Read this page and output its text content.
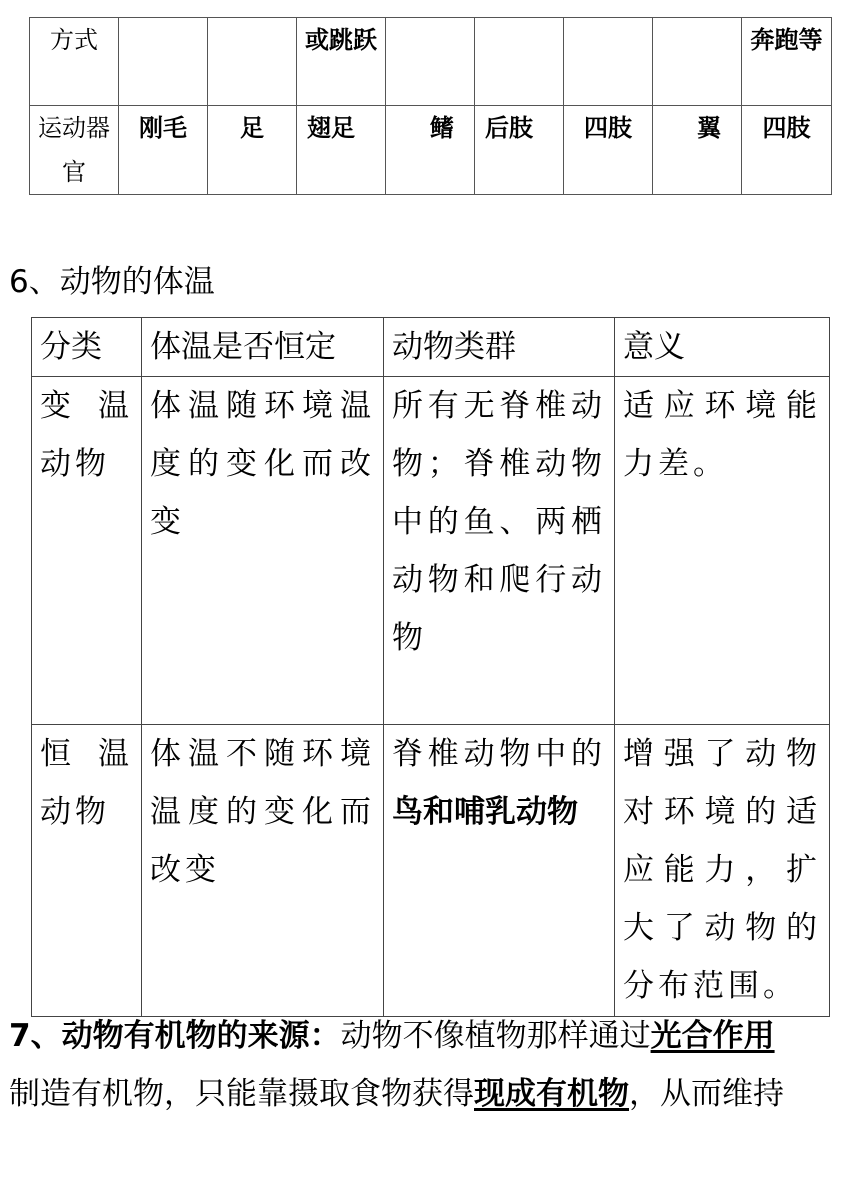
方式			或跳跃					奔跑等
运动器官	刚毛	足	翅足	鳍	后肢	四肢	翼	四肢
6、动物的体温
分类	体温是否恒定	动物类群	意义
变 温动物	体温随环境温度的变化而改变	所有无脊椎动物；脊椎动物中的鱼、两栖动物和爬行动物	适应环境能力差。
恒 温动物	体温不随环境温度的变化而改变	脊椎动物中的鸟和哺乳动物	增强了动物对环境的适应能力，扩大了动物的分布范围。
7、动物有机物的来源：动物不像植物那样通过光合作用
制造有机物，只能靠摄取食物获得现成有机物，从而维持
